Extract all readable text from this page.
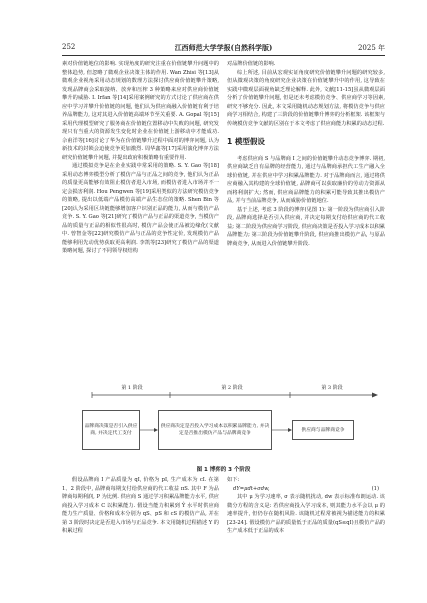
252	江西师范大学学报(自然科学版)	2025 年

素对价值链地位的影响. 实现角度的研究注重在价值链攀升问题中的整体趋势, 但忽略了微观企业决策主体的作用. Wan Zhisi 等[13]从微观企业视角采用动态规划的数理方法探讨供应商价值链攀升策略, 发现品牌商会采取接纳、放弃和压榨 3 种策略来应对供应商价值链攀升的威胁. I. Irfan 等[14]采用案例研究的方式讨论了供应商在供应中学习并攀升价值链的问题, 他们认为供应商融入价值链有利于培养品牌能力, 这对其进入价值链高端环节至关重要. A. Gopal 等[15]采用代理模型研究了服务商在价值链位置移动中失败的问题, 研究发现只有当重大的资源发生变化时企业在价值链上游移动中才能成功. 佘甫洋等[16]讨论了华为在价值链攀升过程中面对的博弈问题, 认为新技术的封锁会迫使竞争更加激烈. 周华鑫等[17]采用演化博弈方法研究价值链攀升问题, 并提出政府积极策略有重要作用.

通过模拟竞争是在企业实践中常采用的策略. S. Y. Gao 等[18]采用动态博弈模型分析了模仿产品与正品之间的竞争, 他们认为正品的质量更高能够有效阻止模仿者进入市场, 而模仿者进入市场并不一定会损害利润. Hou Pengwen 等[19]采用类似的方法研究模仿竞争的策略, 提出以低端产品模仿高端产品生态位的策略. Shen Bin 等[20]认为采用区块链能够增加客户识别正品的能力, 从而与模仿产品竞争. S. Y. Gao 等[21]研究了模仿产品与正品的渠道竞争, 当模仿产品的质量与正品的相似性很高时, 模仿产品会使正品被边缘化(文献中. 曾智金等[22]研究模仿产品与正品的竞争性定价, 发现模仿产品能够利用先动优势获取更高利润. 李凯等[23]研究了模仿产品的渠道策略问题, 探讨了不同领导权结构

对品牌价值链的影响.

综上所述, 目前从宏观实证角度研究价值链攀升问题的研究较多, 但从微观决策的角度研究企业决策在价值链攀升中的作用, 这导致在实践中微观层面视角缺乏理论解释. 此外, 文献[11-15]虽从微观层面分析了价值链攀升问题, 但是还未考虑模仿竞争、供应商学习等因素, 研究不够充分. 因此, 本文采用随机动态规划方法, 将模仿竞争与供应商学习相结合, 构建了三阶段的价值链攀升博弈的分析框架. 该框架与传统模仿竞争文献的区别在于本文考虑了供应商能力积累的动态过程.

1 模型假设

考虑供应商 S 与品牌商 I 之间的价值链攀升动态竞争博弈. 期初, 供应商缺乏自有品牌的经营能力, 通过与品牌商承担代工生产融入全球价值链, 并在供应中学习积累品牌能力. 对于品牌商而言, 通过将供应商融入其构建的全球价值链, 品牌商可以获取廉价的劳动力资源从而将利润扩大; 然而, 供应商品牌能力的积累可能导致其推出模仿产品, 并与当前品牌竞争, 从而威胁价值链地位.

基于上述, 考虑 3 阶段的博弈(见图 1): 第一阶段为供应商引入阶段, 品牌商选择是否引入供应商, 并决定每期支付给供应商的代工收益; 第二阶段为供应商学习阶段, 供应商决策是否投入学习成本以积累品牌能力; 第三阶段为价值链攀升阶段, 供应商推出模仿产品, 与原品牌商竞争, 从而进入价值链攀升阶段.

第 1 阶段	第 2 阶段	第 3 阶段
品牌商决策是否引入供应商, 并决定代工支付
供应商决定是否投入学习成本以积累品牌能力, 并决定是否推出模仿产品与品牌商竞争
供应商与品牌商竞争
图 1 博弈的 3 个阶段

假设品牌商 I 产品质量为 qI, 价格为 pI, 生产成本为 cI. 在第 1、2 阶段中, 品牌商每期支付给供应商的代工收益 πS. 其中 F 为品牌商每期利润, P 为比例. 供应商 S 通过学习积累品牌能力水平, 供应商投入学习成本 C 以积累能力. 假设当能力积累到 Ŷ 水平时供应商能力生产质量、价格和成本分别为 qS、pS 和 cS 的模仿产品, 并在第 3 阶段时决定是否进入市场与正品竞争. 本文用随机过程描述 Y 的积累过程

如下:

dY=μdt+σdw,	(1)

其中 μ 为学习速率, σ 表示随机扰动, dw 表示标准布朗运动. 该微分方程的含义是: 若供应商投入学习成本, 则其能力水平会以 μ 的速率提升, 但仍存在随机风险. 该随机过程常被视为描述能力的积累[23-24]. 假设模仿产品的质量低于正品的质量(qS≤qI)且模仿产品的生产成本低于正品的成本
